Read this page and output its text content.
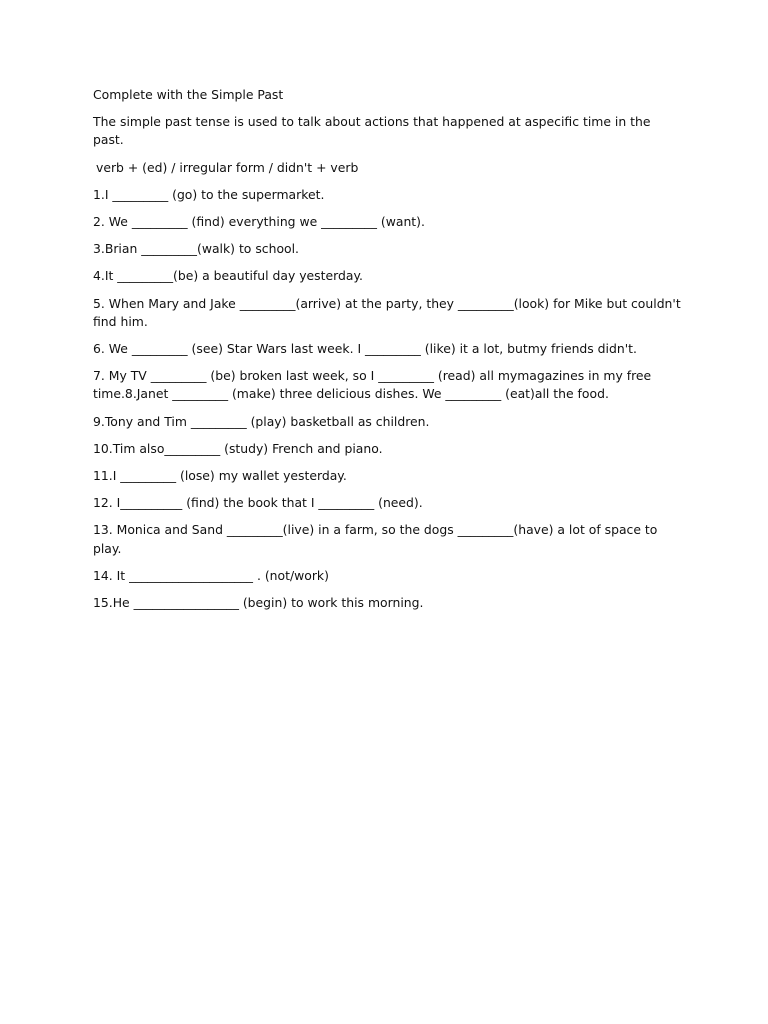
Complete with the Simple Past

The simple past tense is used to talk about actions that happened at aspecific time in the past.

verb + (ed) / irregular form / didn't + verb

1.I _________ (go) to the supermarket.

2. We _________ (find) everything we _________ (want).

3.Brian _________(walk) to school.

4.It _________(be) a beautiful day yesterday.

5. When Mary and Jake _________(arrive) at the party, they _________(look) for Mike but couldn't find him.

6. We _________ (see) Star Wars last week. I _________ (like) it a lot, butmy friends didn't.

7. My TV _________ (be) broken last week, so I _________ (read) all mymagazines in my free time.8.Janet _________ (make) three delicious dishes. We _________ (eat)all the food.

9.Tony and Tim _________ (play) basketball as children.

10.Tim also_________ (study) French and piano.

11.I _________ (lose) my wallet yesterday.

12. I__________ (find) the book that I _________ (need).

13. Monica and Sand _________(live) in a farm, so the dogs _________(have) a lot of space to play.

14. It ____________________ . (not/work)

15.He _________________ (begin) to work this morning.
